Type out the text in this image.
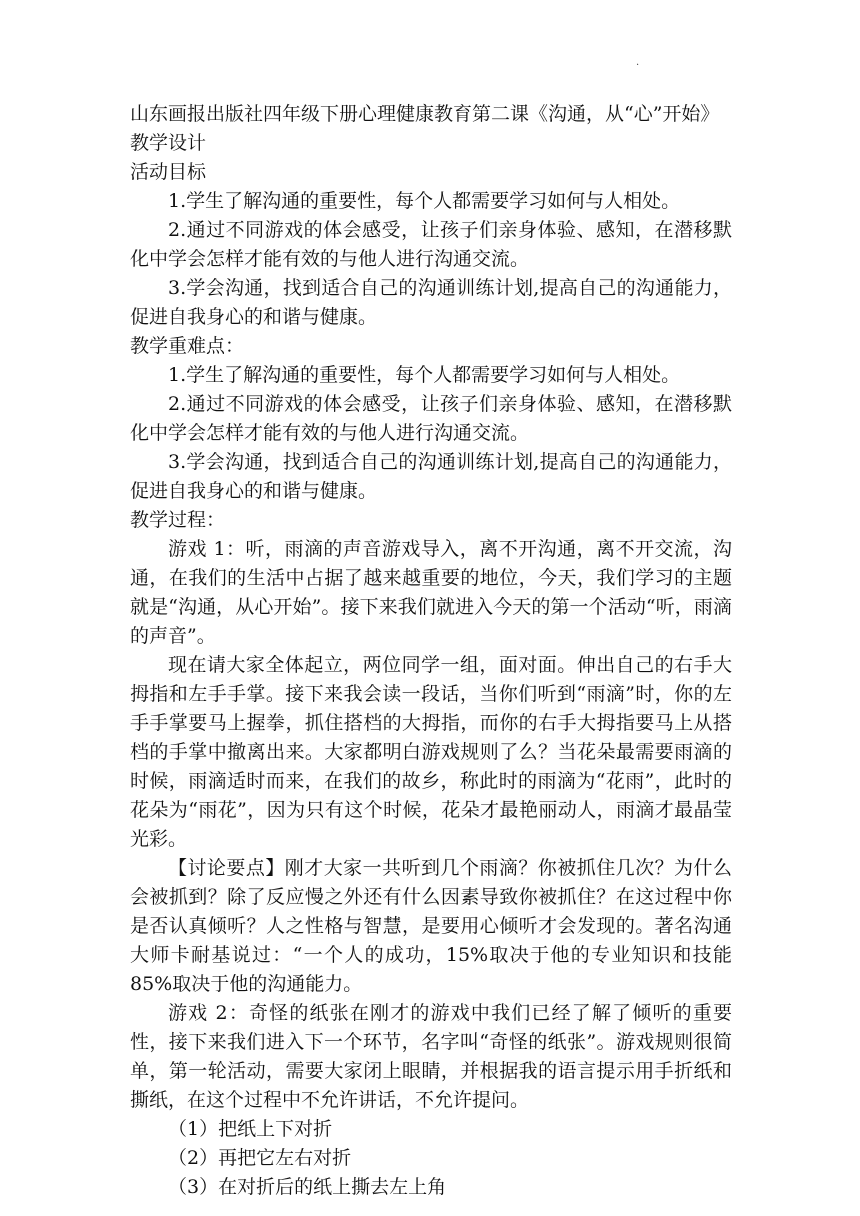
.

山东画报出版社四年级下册心理健康教育第二课《沟通，从“心”开始》教学设计

活动目标

1.学生了解沟通的重要性，每个人都需要学习如何与人相处。

2.通过不同游戏的体会感受，让孩子们亲身体验、感知，在潜移默化中学会怎样才能有效的与他人进行沟通交流。

3.学会沟通，找到适合自己的沟通训练计划,提高自己的沟通能力，促进自我身心的和谐与健康。

教学重难点：

1.学生了解沟通的重要性，每个人都需要学习如何与人相处。

2.通过不同游戏的体会感受，让孩子们亲身体验、感知，在潜移默化中学会怎样才能有效的与他人进行沟通交流。

3.学会沟通，找到适合自己的沟通训练计划,提高自己的沟通能力，促进自我身心的和谐与健康。

教学过程：

游戏 1：听，雨滴的声音游戏导入，离不开沟通，离不开交流，沟通，在我们的生活中占据了越来越重要的地位，今天，我们学习的主题就是“沟通，从心开始”。接下来我们就进入今天的第一个活动“听，雨滴的声音”。

现在请大家全体起立，两位同学一组，面对面。伸出自己的右手大拇指和左手手掌。接下来我会读一段话，当你们听到“雨滴”时，你的左手手掌要马上握拳，抓住搭档的大拇指，而你的右手大拇指要马上从搭档的手掌中撤离出来。大家都明白游戏规则了么？当花朵最需要雨滴的时候，雨滴适时而来，在我们的故乡，称此时的雨滴为“花雨”，此时的花朵为“雨花”，因为只有这个时候，花朵才最艳丽动人，雨滴才最晶莹光彩。

【讨论要点】刚才大家一共听到几个雨滴？你被抓住几次？为什么会被抓到？除了反应慢之外还有什么因素导致你被抓住？在这过程中你是否认真倾听？人之性格与智慧，是要用心倾听才会发现的。著名沟通大师卡耐基说过：“一个人的成功，15%取决于他的专业知识和技能 85%取决于他的沟通能力。

游戏 2：奇怪的纸张在刚才的游戏中我们已经了解了倾听的重要性，接下来我们进入下一个环节，名字叫“奇怪的纸张”。游戏规则很简单，第一轮活动，需要大家闭上眼睛，并根据我的语言提示用手折纸和撕纸，在这个过程中不允许讲话，不允许提问。

（1）把纸上下对折

（2）再把它左右对折

（3）在对折后的纸上撕去左上角
